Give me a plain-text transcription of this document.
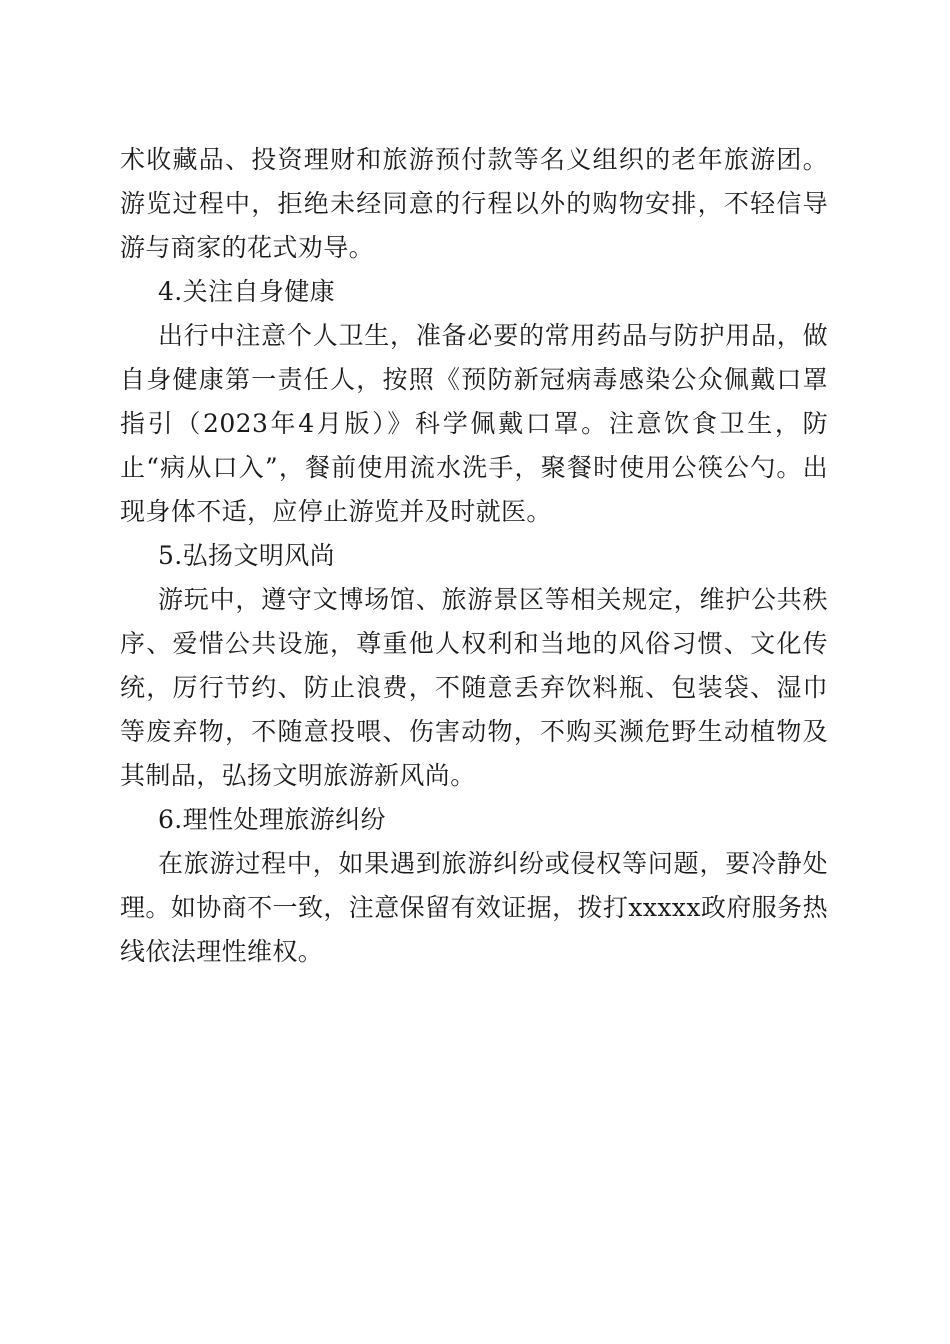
术收藏品、投资理财和旅游预付款等名义组织的老年旅游团。游览过程中，拒绝未经同意的行程以外的购物安排，不轻信导游与商家的花式劝导。

4.关注自身健康

出行中注意个人卫生，准备必要的常用药品与防护用品，做自身健康第一责任人，按照《预防新冠病毒感染公众佩戴口罩指引（2023年4月版）》科学佩戴口罩。注意饮食卫生，防止“病从口入”，餐前使用流水洗手，聚餐时使用公筷公勺。出现身体不适，应停止游览并及时就医。

5.弘扬文明风尚

游玩中，遵守文博场馆、旅游景区等相关规定，维护公共秩序、爱惜公共设施，尊重他人权利和当地的风俗习惯、文化传统，厉行节约、防止浪费，不随意丢弃饮料瓶、包装袋、湿巾等废弃物，不随意投喂、伤害动物，不购买濒危野生动植物及其制品，弘扬文明旅游新风尚。

6.理性处理旅游纠纷

在旅游过程中，如果遇到旅游纠纷或侵权等问题，要冷静处理。如协商不一致，注意保留有效证据，拨打xxxxx政府服务热线依法理性维权。
